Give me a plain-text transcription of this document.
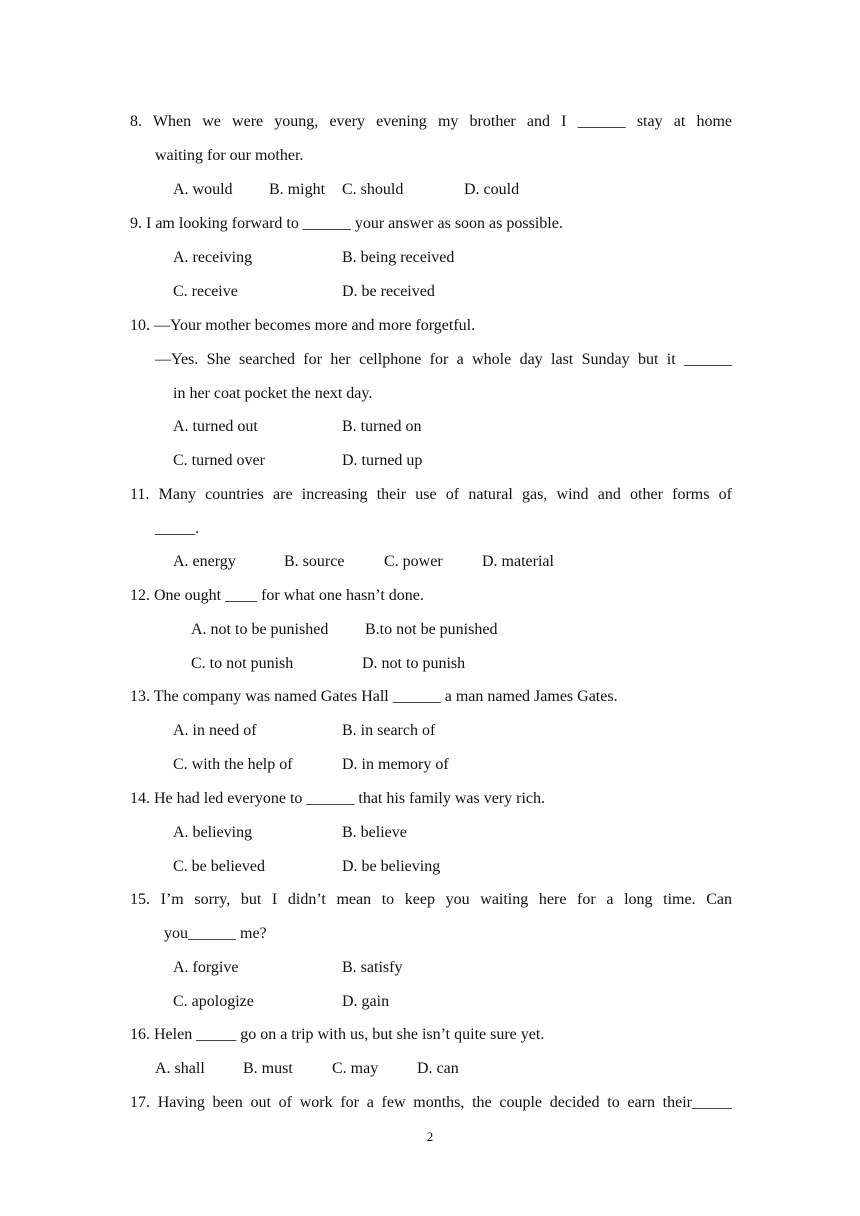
8. When we were young, every evening my brother and I ______ stay at home
waiting for our mother.
A. would B. might C. should	D. could
9. I am looking forward to ______ your answer as soon as possible.
A. receiving	B. being received
C. receive	D. be received
10. —Your mother becomes more and more forgetful.
—Yes. She searched for her cellphone for a whole day last Sunday but it ______
in her coat pocket the next day.
A. turned out	B. turned on
C. turned over	D. turned up
11. Many countries are increasing their use of natural gas, wind and other forms of
_____.
A. energy	B. source C. power D. material
12. One ought ____ for what one hasn’t done.
A. not to be punished B.to not be punished
C. to not punish	D. not to punish
13. The company was named Gates Hall ______ a man named James Gates.
A. in need of	B. in search of
C. with the help of	D. in memory of
14. He had led everyone to ______ that his family was very rich.
A. believing	B. believe
C. be believed	D. be believing
15. I’m sorry, but I didn’t mean to keep you waiting here for a long time. Can
you______ me?
A. forgive	B. satisfy
C. apologize	D. gain
16. Helen _____ go on a trip with us, but she isn’t quite sure yet.
A. shall B. must C. may D. can
17. Having been out of work for a few months, the couple decided to earn their_____
2
